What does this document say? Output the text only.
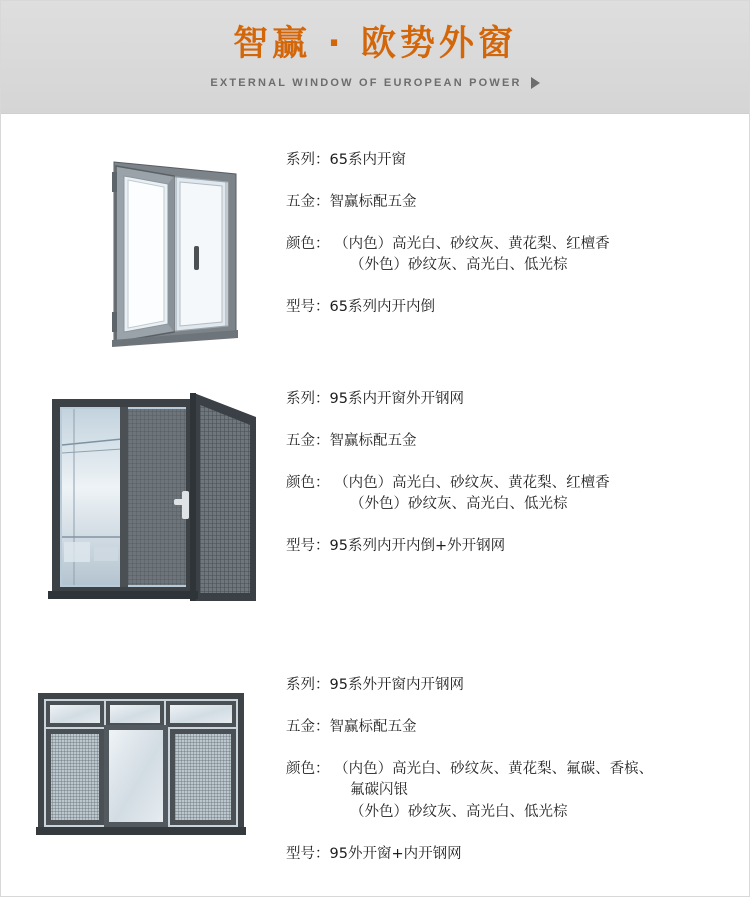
智赢 · 欧势外窗
EXTERNAL WINDOW OF EUROPEAN POWER
系列：65系内开窗
五金：智赢标配五金
颜色： （内色）高光白、砂纹灰、黄花梨、红檀香
（外色）砂纹灰、高光白、低光棕
型号：65系列内开内倒
系列：95系内开窗外开钢网
五金：智赢标配五金
颜色： （内色）高光白、砂纹灰、黄花梨、红檀香
（外色）砂纹灰、高光白、低光棕
型号：95系列内开内倒+外开钢网
系列：95系外开窗内开钢网
五金：智赢标配五金
颜色： （内色）高光白、砂纹灰、黄花梨、氟碳、香槟、
氟碳闪银
（外色）砂纹灰、高光白、低光棕
型号：95外开窗+内开钢网
